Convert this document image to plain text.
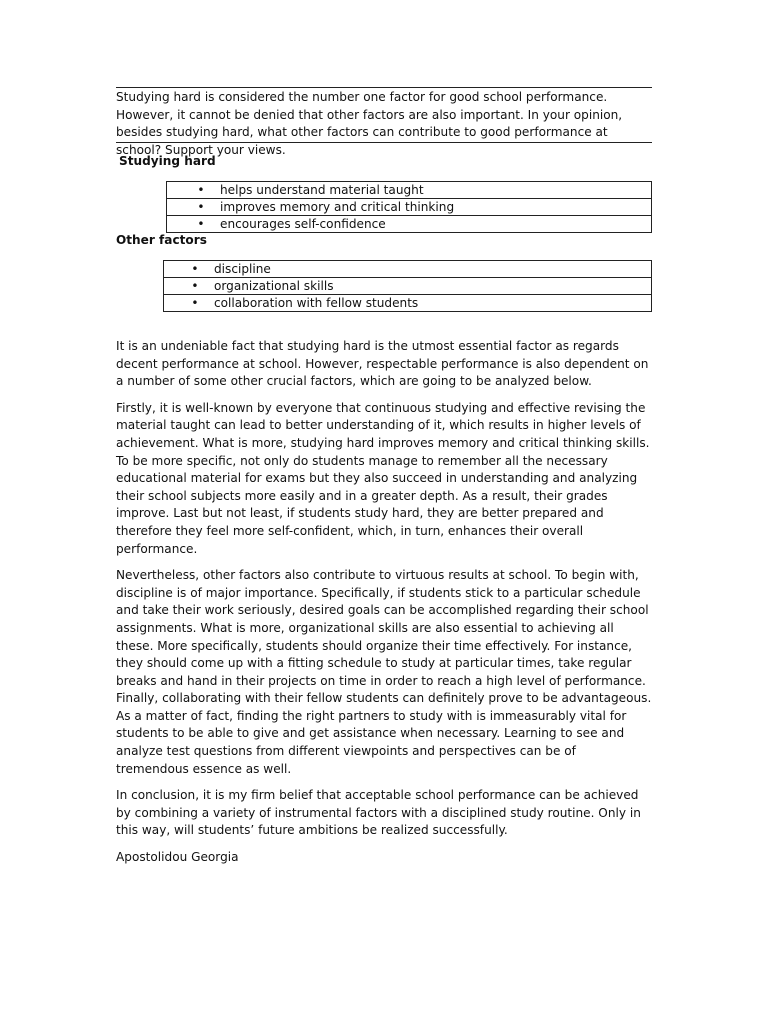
Studying hard is considered the number one factor for good school performance. However, it cannot be denied that other factors are also important. In your opinion, besides studying hard, what other factors can contribute to good performance at school? Support your views.
Studying hard
• helps understand material taught
• improves memory and critical thinking
• encourages self-confidence
Other factors
• discipline
• organizational skills
• collaboration with fellow students

It is an undeniable fact that studying hard is the utmost essential factor as regards decent performance at school. However, respectable performance is also dependent on a number of some other crucial factors, which are going to be analyzed below.

Firstly, it is well-known by everyone that continuous studying and effective revising the material taught can lead to better understanding of it, which results in higher levels of achievement. What is more, studying hard improves memory and critical thinking skills. To be more specific, not only do students manage to remember all the necessary educational material for exams but they also succeed in understanding and analyzing their school subjects more easily and in a greater depth. As a result, their grades improve. Last but not least, if students study hard, they are better prepared and therefore they feel more self-confident, which, in turn, enhances their overall performance.

Nevertheless, other factors also contribute to virtuous results at school. To begin with, discipline is of major importance. Specifically, if students stick to a particular schedule and take their work seriously, desired goals can be accomplished regarding their school assignments. What is more, organizational skills are also essential to achieving all these. More specifically, students should organize their time effectively. For instance, they should come up with a fitting schedule to study at particular times, take regular breaks and hand in their projects on time in order to reach a high level of performance. Finally, collaborating with their fellow students can definitely prove to be advantageous. As a matter of fact, finding the right partners to study with is immeasurably vital for students to be able to give and get assistance when necessary. Learning to see and analyze test questions from different viewpoints and perspectives can be of tremendous essence as well.

In conclusion, it is my firm belief that acceptable school performance can be achieved by combining a variety of instrumental factors with a disciplined study routine. Only in this way, will students’ future ambitions be realized successfully.

Apostolidou Georgia
